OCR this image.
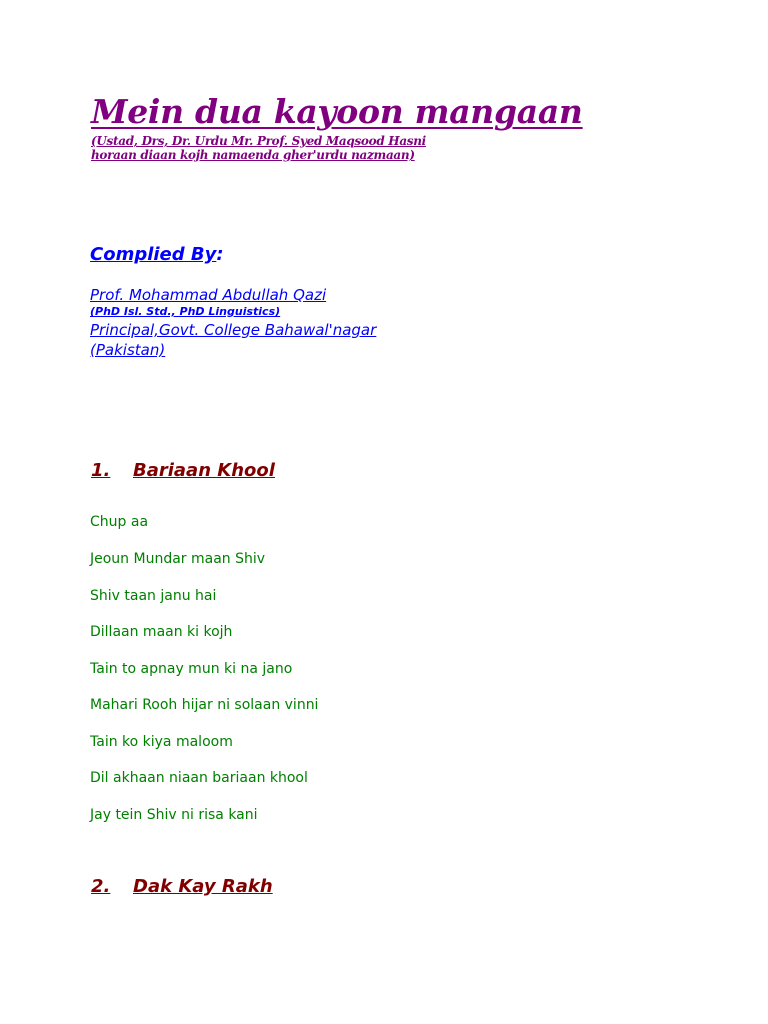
Mein dua kayoon mangaan
(Ustad, Drs, Dr. Urdu Mr. Prof. Syed Maqsood Hasni
horaan diaan kojh namaenda gher'urdu nazmaan)
Complied By:
Prof. Mohammad Abdullah Qazi
(PhD Isl. Std., PhD Linguistics)
Principal,Govt. College Bahawal'nagar
(Pakistan)
1. Bariaan Khool
Chup aa
Jeoun Mundar maan Shiv
Shiv taan janu hai
Dillaan maan ki kojh
Tain to apnay mun ki na jano
Mahari Rooh hijar ni solaan vinni
Tain ko kiya maloom
Dil akhaan niaan bariaan khool
Jay tein Shiv ni risa kani
2. Dak Kay Rakh
